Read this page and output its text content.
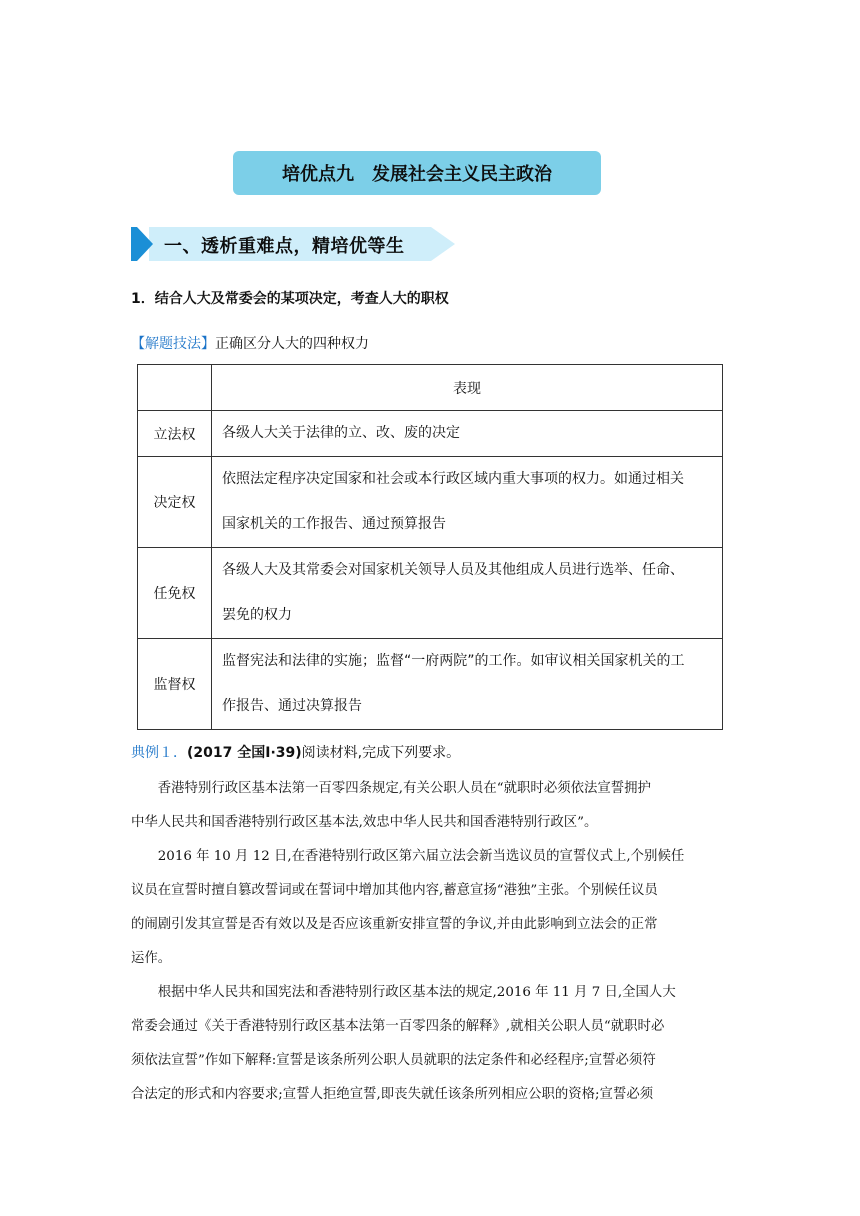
培优点九　发展社会主义民主政治
一、透析重难点，精培优等生
1．结合人大及常委会的某项决定，考查人大的职权
【解题技法】正确区分人大的四种权力
	表现
立法权	各级人大关于法律的立、改、废的决定

决定权	依照法定程序决定国家和社会或本行政区域内重大事项的权力。如通过相关
国家机关的工作报告、通过预算报告

任免权	各级人大及其常委会对国家机关领导人员及其他组成人员进行选举、任命、
罢免的权力

监督权	监督宪法和法律的实施；监督“一府两院”的工作。如审议相关国家机关的工
作报告、通过决算报告
典例１．(2017 全国Ⅰ·39)阅读材料,完成下列要求。
　　香港特别行政区基本法第一百零四条规定,有关公职人员在“就职时必须依法宣誓拥护
中华人民共和国香港特别行政区基本法,效忠中华人民共和国香港特别行政区”。
　　2016 年 10 月 12 日,在香港特别行政区第六届立法会新当选议员的宣誓仪式上,个别候任
议员在宣誓时擅自篡改誓词或在誓词中增加其他内容,蓄意宣扬“港独”主张。个别候任议员
的闹剧引发其宣誓是否有效以及是否应该重新安排宣誓的争议,并由此影响到立法会的正常
运作。
　　根据中华人民共和国宪法和香港特别行政区基本法的规定,2016 年 11 月 7 日,全国人大
常委会通过《关于香港特别行政区基本法第一百零四条的解释》,就相关公职人员“就职时必
须依法宣誓”作如下解释:宣誓是该条所列公职人员就职的法定条件和必经程序;宣誓必须符
合法定的形式和内容要求;宣誓人拒绝宣誓,即丧失就任该条所列相应公职的资格;宣誓必须
